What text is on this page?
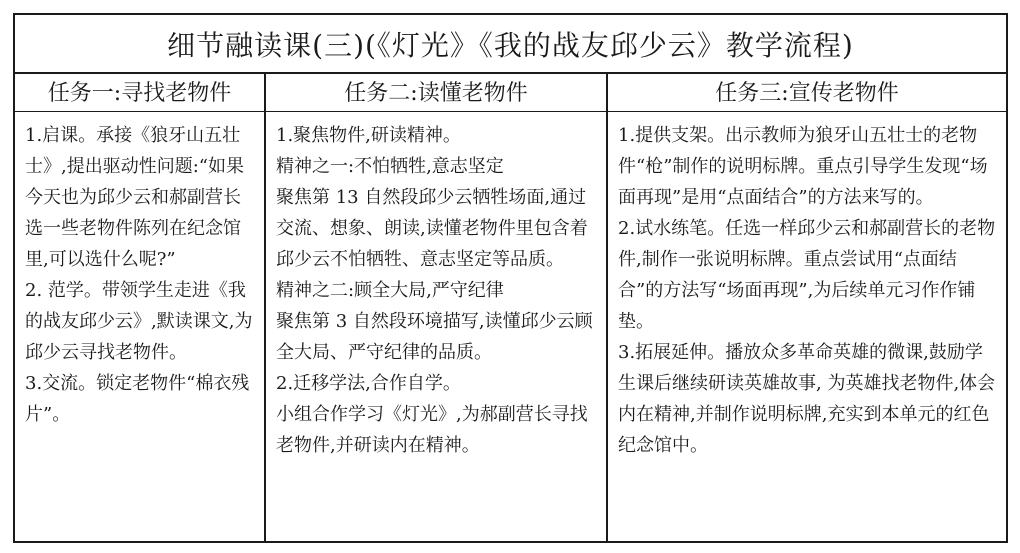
细节融读课(三)(《灯光》《我的战友邱少云》教学流程)
任务一:寻找老物件

1.启课。承接《狼牙山五壮士》,提出驱动性问题:“如果今天也为邱少云和郝副营长选一些老物件陈列在纪念馆里,可以选什么呢?”

2. 范学。带领学生走进《我的战友邱少云》,默读课文,为邱少云寻找老物件。

3.交流。锁定老物件“棉衣残片”。

任务二:读懂老物件

1.聚焦物件,研读精神。

精神之一:不怕牺牲,意志坚定

聚焦第 13 自然段邱少云牺牲场面,通过交流、想象、朗读,读懂老物件里包含着邱少云不怕牺牲、意志坚定等品质。

精神之二:顾全大局,严守纪律

聚焦第 3 自然段环境描写,读懂邱少云顾全大局、严守纪律的品质。

2.迁移学法,合作自学。

小组合作学习《灯光》,为郝副营长寻找老物件,并研读内在精神。

任务三:宣传老物件

1.提供支架。出示教师为狼牙山五壮士的老物件“枪”制作的说明标牌。重点引导学生发现“场面再现”是用“点面结合”的方法来写的。

2.试水练笔。任选一样邱少云和郝副营长的老物件,制作一张说明标牌。重点尝试用“点面结合”的方法写“场面再现”,为后续单元习作作铺垫。

3.拓展延伸。播放众多革命英雄的微课,鼓励学生课后继续研读英雄故事, 为英雄找老物件,体会内在精神,并制作说明标牌,充实到本单元的红色纪念馆中。
